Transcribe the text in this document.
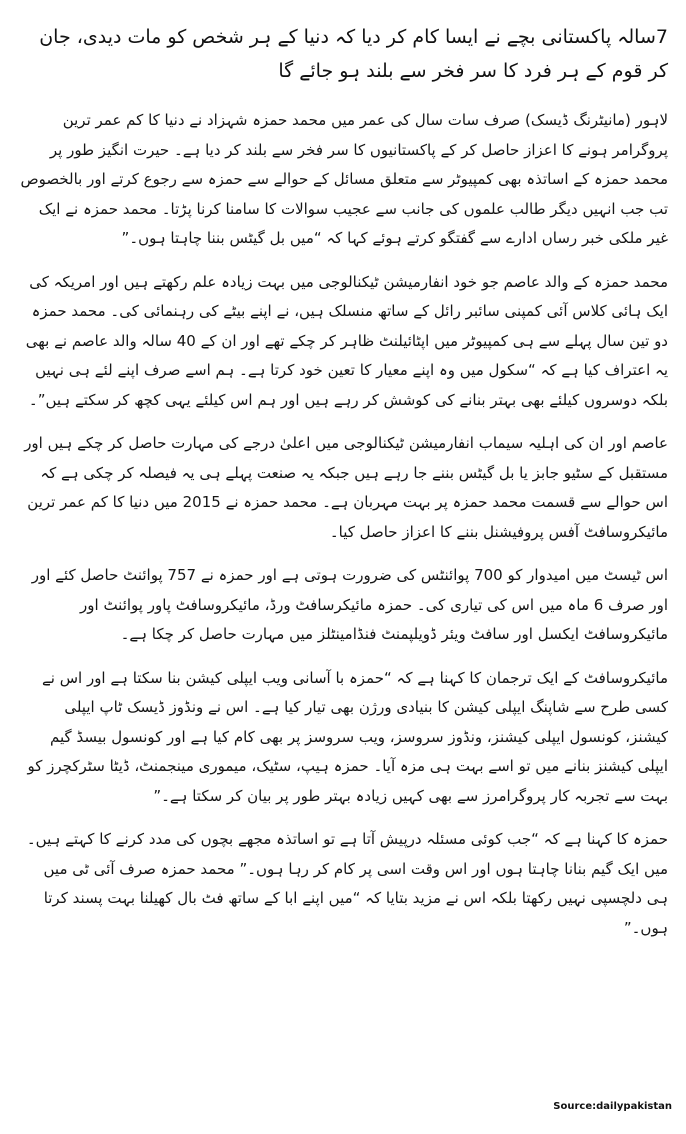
7سالہ پاکستانی بچے نے ایسا کام کر دیا کہ دنیا کے ہر شخص کو مات دیدی، جان کر قوم کے ہر فرد کا سر فخر سے بلند ہو جائے گا

لاہور (مانیٹرنگ ڈیسک) صرف سات سال کی عمر میں محمد حمزہ شہزاد نے دنیا کا کم عمر ترین پروگرامر ہونے کا اعزاز حاصل کر کے پاکستانیوں کا سر فخر سے بلند کر دیا ہے۔ حیرت انگیز طور پر محمد حمزہ کے اساتذہ بھی کمپیوٹر سے متعلق مسائل کے حوالے سے حمزہ سے رجوع کرتے اور بالخصوص تب جب انہیں دیگر طالب علموں کی جانب سے عجیب سوالات کا سامنا کرنا پڑتا۔ محمد حمزہ نے ایک غیر ملکی خبر رساں ادارے سے گفتگو کرتے ہوئے کہا کہ “میں بل گیٹس بننا چاہتا ہوں۔”

محمد حمزہ کے والد عاصم جو خود انفارمیشن ٹیکنالوجی میں بہت زیادہ علم رکھتے ہیں اور امریکہ کی ایک ہائی کلاس آئی کمپنی سائبر رائل کے ساتھ منسلک ہیں، نے اپنے بیٹے کی رہنمائی کی۔ محمد حمزہ دو تین سال پہلے سے ہی کمپیوٹر میں اپٹائیلنٹ ظاہر کر چکے تھے اور ان کے 40 سالہ والد عاصم نے بھی یہ اعتراف کیا ہے کہ “سکول میں وہ اپنے معیار کا تعین خود کرتا ہے۔ ہم اسے صرف اپنے لئے ہی نہیں بلکہ دوسروں کیلئے بھی بہتر بنانے کی کوشش کر رہے ہیں اور ہم اس کیلئے یہی کچھ کر سکتے ہیں”۔

عاصم اور ان کی اہلیہ سیماب انفارمیشن ٹیکنالوجی میں اعلیٰ درجے کی مہارت حاصل کر چکے ہیں اور مستقبل کے سٹیو جابز یا بل گیٹس بننے جا رہے ہیں جبکہ یہ صنعت پہلے ہی یہ فیصلہ کر چکی ہے کہ اس حوالے سے قسمت محمد حمزہ پر بہت مہربان ہے۔ محمد حمزہ نے 2015 میں دنیا کا کم عمر ترین مائیکروسافٹ آفس پروفیشنل بننے کا اعزاز حاصل کیا۔

اس ٹیسٹ میں امیدوار کو 700 پوائنٹس کی ضرورت ہوتی ہے اور حمزہ نے 757 پوائنٹ حاصل کئے اور اور صرف 6 ماہ میں اس کی تیاری کی۔ حمزہ مائیکرسافٹ ورڈ، مائیکروسافٹ پاور پوائنٹ اور مائیکروسافٹ ایکسل اور سافٹ ویئر ڈویلپمنٹ فنڈامینٹلز میں مہارت حاصل کر چکا ہے۔

مائیکروسافٹ کے ایک ترجمان کا کہنا ہے کہ “حمزہ با آسانی ویب ایپلی کیشن بنا سکتا ہے اور اس نے کسی طرح سے شاپنگ ایپلی کیشن کا بنیادی ورژن بھی تیار کیا ہے۔ اس نے ونڈوز ڈیسک ٹاپ ایپلی کیشنز، کونسول ایپلی کیشنز، ونڈوز سروسز، ویب سروسز پر بھی کام کیا ہے اور کونسول بیسڈ گیم ایپلی کیشنز بنانے میں تو اسے بہت ہی مزہ آیا۔ حمزہ ہیپ، سٹیک، میموری مینجمنٹ، ڈیٹا سٹرکچرز کو بہت سے تجربہ کار پروگرامرز سے بھی کہیں زیادہ بہتر طور پر بیان کر سکتا ہے۔”

حمزہ کا کہنا ہے کہ “جب کوئی مسئلہ درپیش آتا ہے تو اساتذہ مجھے بچوں کی مدد کرنے کا کہتے ہیں۔ میں ایک گیم بنانا چاہتا ہوں اور اس وقت اسی پر کام کر رہا ہوں۔” محمد حمزہ صرف آئی ٹی میں ہی دلچسپی نہیں رکھتا بلکہ اس نے مزید بتایا کہ “میں اپنے ابا کے ساتھ فٹ بال کھیلنا بہت پسند کرتا ہوں۔”

Source:dailypakistan
